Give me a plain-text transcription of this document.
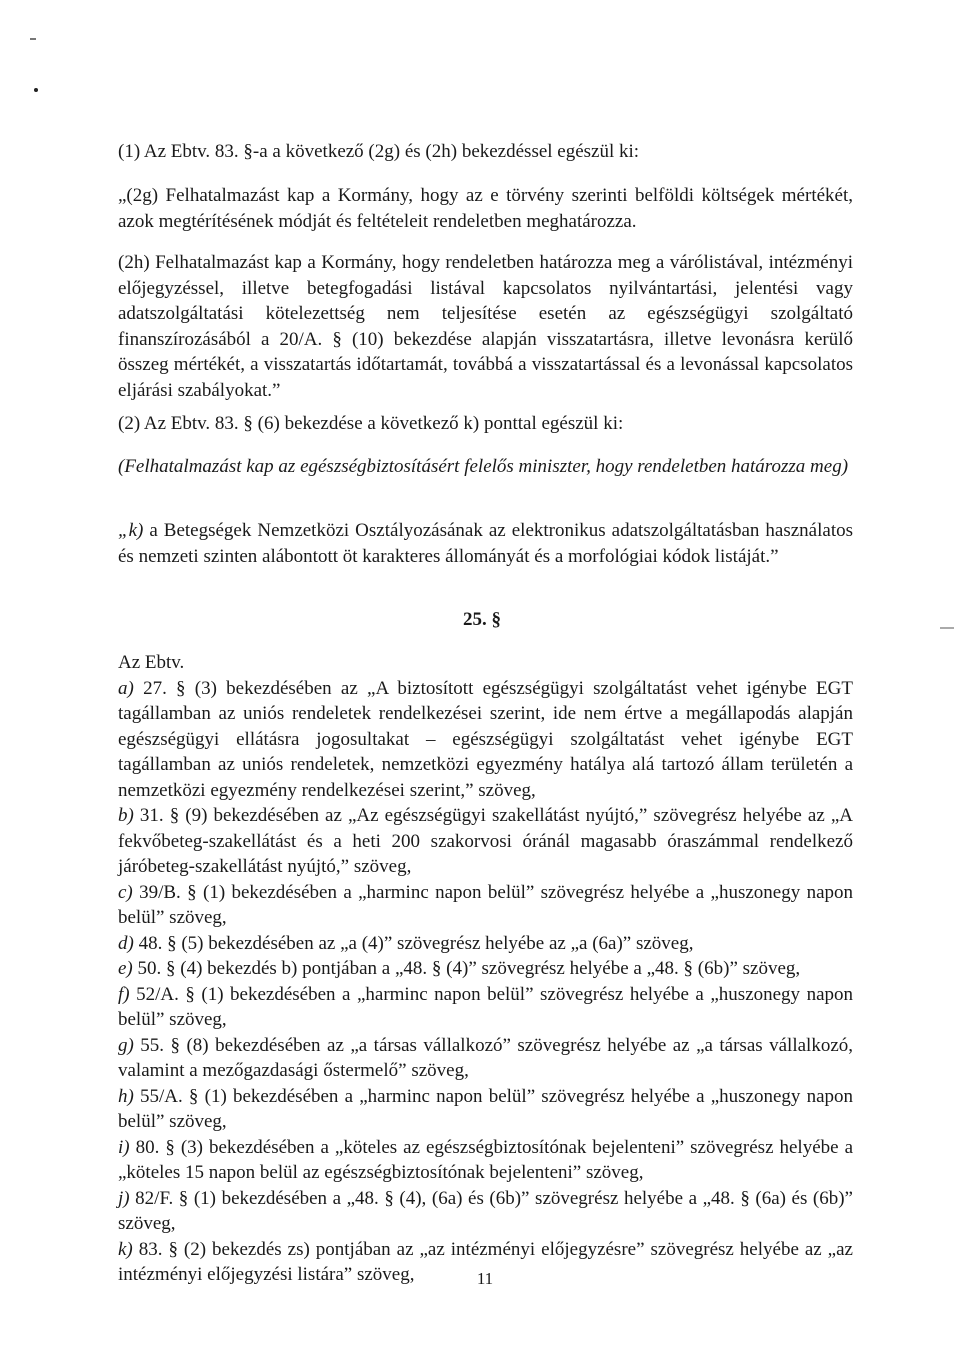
(1) Az Ebtv. 83. §-a a következő (2g) és (2h) bekezdéssel egészül ki:

„(2g) Felhatalmazást kap a Kormány, hogy az e törvény szerinti belföldi költségek mértékét, azok megtérítésének módját és feltételeit rendeletben meghatározza.

(2h) Felhatalmazást kap a Kormány, hogy rendeletben határozza meg a várólistával, intézményi előjegyzéssel, illetve betegfogadási listával kapcsolatos nyilvántartási, jelentési vagy adatszolgáltatási kötelezettség nem teljesítése esetén az egészségügyi szolgáltató finanszírozásából a 20/A. § (10) bekezdése alapján visszatartásra, illetve levonásra kerülő összeg mértékét, a visszatartás időtartamát, továbbá a visszatartással és a levonással kapcsolatos eljárási szabályokat.”

(2) Az Ebtv. 83. § (6) bekezdése a következő k) ponttal egészül ki:

(Felhatalmazást kap az egészségbiztosításért felelős miniszter, hogy rendeletben határozza meg)

„k) a Betegségek Nemzetközi Osztályozásának az elektronikus adatszolgáltatásban használatos és nemzeti szinten alábontott öt karakteres állományát és a morfológiai kódok listáját.”

25. §

Az Ebtv.

a) 27. § (3) bekezdésében az „A biztosított egészségügyi szolgáltatást vehet igénybe EGT tagállamban az uniós rendeletek rendelkezései szerint, ide nem értve a megállapodás alapján egészségügyi ellátásra jogosultakat – egészségügyi szolgáltatást vehet igénybe EGT tagállamban az uniós rendeletek, nemzetközi egyezmény hatálya alá tartozó állam területén a nemzetközi egyezmény rendelkezései szerint,” szöveg,
b) 31. § (9) bekezdésében az „Az egészségügyi szakellátást nyújtó,” szövegrész helyébe az „A fekvőbeteg-szakellátást és a heti 200 szakorvosi óránál magasabb óraszámmal rendelkező járóbeteg-szakellátást nyújtó,” szöveg,
c) 39/B. § (1) bekezdésében a „harminc napon belül” szövegrész helyébe a „huszonegy napon belül” szöveg,
d) 48. § (5) bekezdésében az „a (4)” szövegrész helyébe az „a (6a)” szöveg,
e) 50. § (4) bekezdés b) pontjában a „48. § (4)” szövegrész helyébe a „48. § (6b)” szöveg,
f) 52/A. § (1) bekezdésében a „harminc napon belül” szövegrész helyébe a „huszonegy napon belül” szöveg,
g) 55. § (8) bekezdésében az „a társas vállalkozó” szövegrész helyébe az „a társas vállalkozó, valamint a mezőgazdasági őstermelő” szöveg,
h) 55/A. § (1) bekezdésében a „harminc napon belül” szövegrész helyébe a „huszonegy napon belül” szöveg,
i) 80. § (3) bekezdésében a „köteles az egészségbiztosítónak bejelenteni” szövegrész helyébe a „köteles 15 napon belül az egészségbiztosítónak bejelenteni” szöveg,
j) 82/F. § (1) bekezdésében a „48. § (4), (6a) és (6b)” szövegrész helyébe a „48. § (6a) és (6b)” szöveg,
k) 83. § (2) bekezdés zs) pontjában az „az intézményi előjegyzésre” szövegrész helyébe az „az intézményi előjegyzési listára” szöveg,	11
